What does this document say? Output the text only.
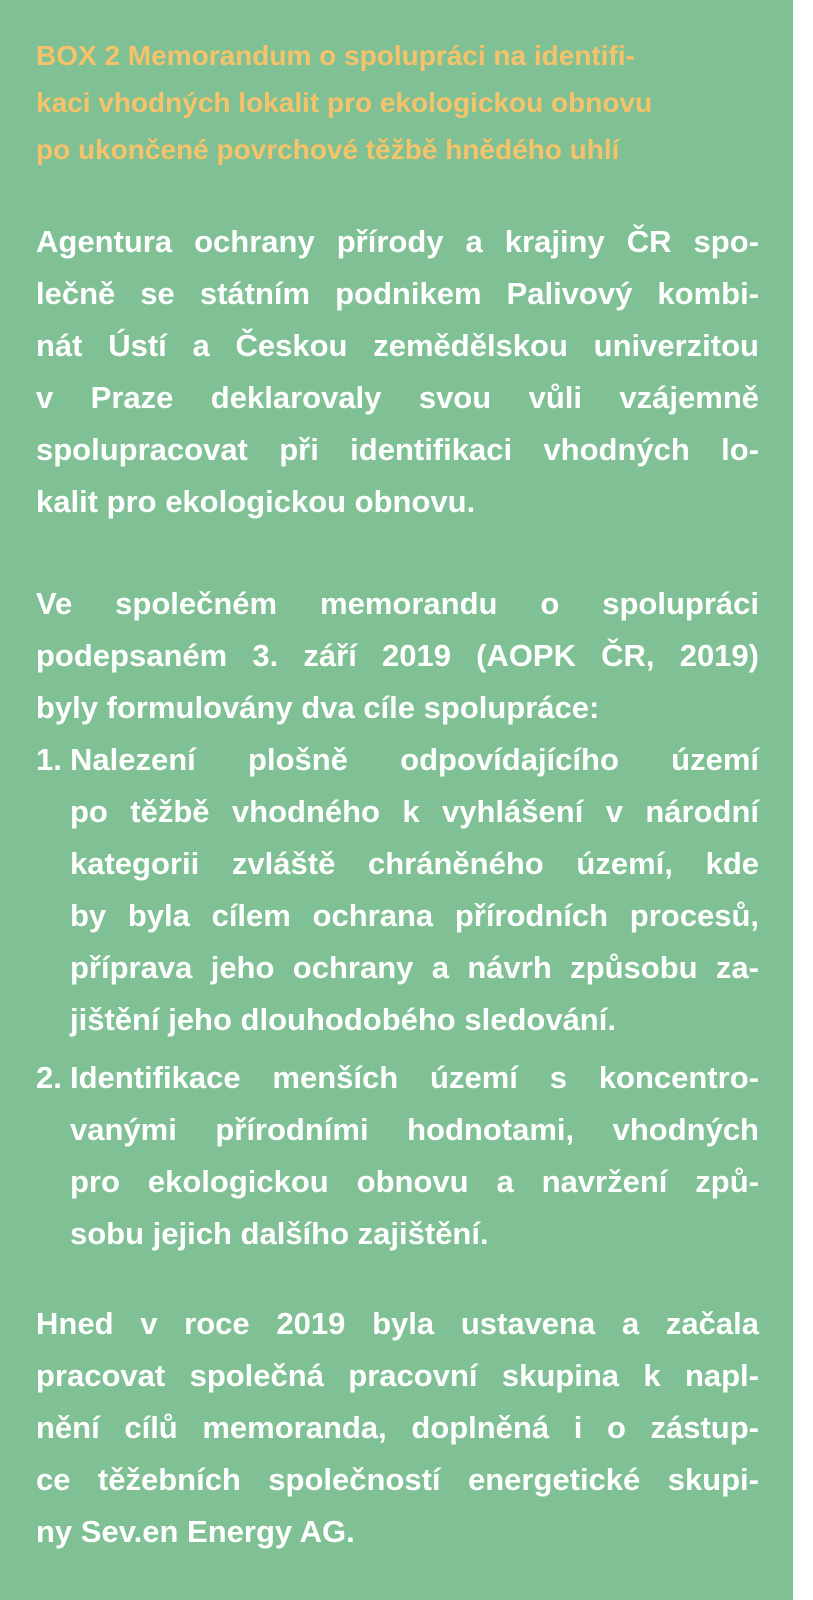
BOX 2 Memorandum o spolupráci na identifi-
kaci vhodných lokalit pro ekologickou obnovu
po ukončené povrchové těžbě hnědého uhlí

Agentura ochrany přírody a krajiny ČR spo-
lečně se státním podnikem Palivový kombi-
nát Ústí a Českou zemědělskou univerzitou
v Praze deklarovaly svou vůli vzájemně
spolupracovat při identifikaci vhodných lo-
kalit pro ekologickou obnovu.

Ve společném memorandu o spolupráci
podepsaném 3. září 2019 (AOPK ČR, 2019)
byly formulovány dva cíle spolupráce:

1. Nalezení plošně odpovídajícího území
po těžbě vhodného k vyhlášení v národní
kategorii zvláště chráněného území, kde
by byla cílem ochrana přírodních procesů,
příprava jeho ochrany a návrh způsobu za-
jištění jeho dlouhodobého sledování.
2. Identifikace menších území s koncentro-
vanými přírodními hodnotami, vhodných
pro ekologickou obnovu a navržení způ-
sobu jejich dalšího zajištění.

Hned v roce 2019 byla ustavena a začala
pracovat společná pracovní skupina k napl-
nění cílů memoranda, doplněná i o zástup-
ce těžebních společností energetické skupi-
ny Sev.en Energy AG.
